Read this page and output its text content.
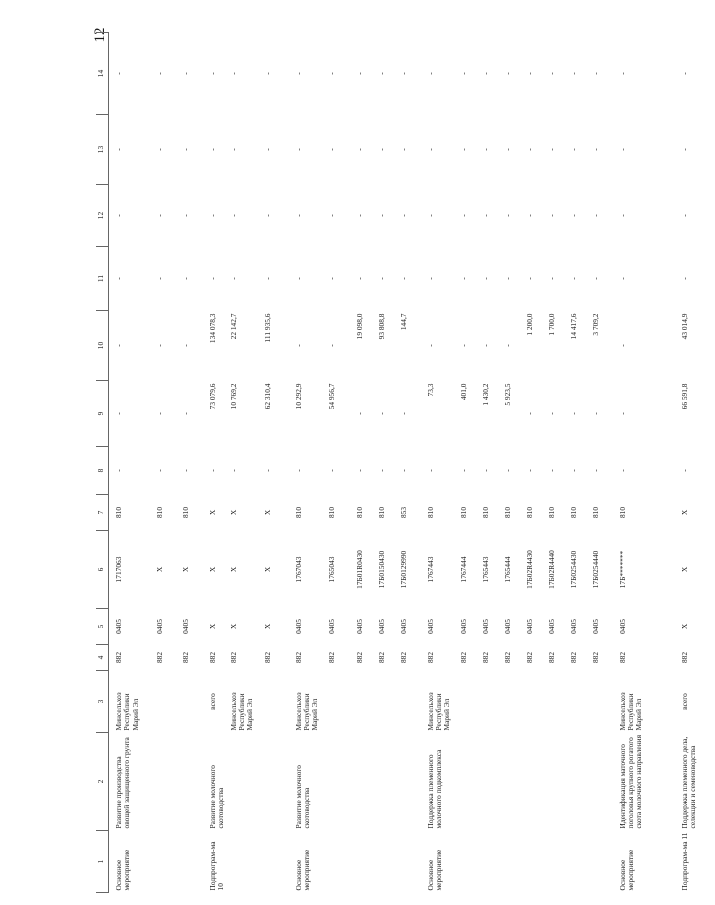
12
1	2	3	4	5	6	7	8	9	10	11	12	13	14
Основное мероприятие	Развитие производства овощей защищенного грунта	Минсельхоз Республики Марий Эл	882	0405	1717063	810	-	-	-	-	-	-	-
			882	0405	X	810	-	-	-	-	-	-	-
			882	0405	X	810	-	-	-	-	-	-	-
Подпрограм-ма 10	Развитие молочного скотоводства	всего	882	X	X	X	-	73 079,6	134 078,3	-	-	-	-
		Минсельхоз Республики Марий Эл	882	X	X	X	-	10 769,2	22 142,7	-	-	-	-
			882	X	X	X	-	62 310,4	111 935,6	-	-	-	-
Основное мероприятие	Развитие молочного скотоводства	Минсельхоз Республики Марий Эл	882	0405	1767043	810	-	10 292,9	-	-	-	-	-
			882	0405	1765043	810	-	54 956,7	-	-	-	-	-
			882	0405	17Б01R0430	810	-	-	19 098,0	-	-	-	-
			882	0405	17Б0150430	810	-	-	93 808,8	-	-	-	-
			882	0405	17Б0129990	853	-	-	144,7	-	-	-	-
Основное мероприятие	Поддержка племенного молочного подкомплекса	Минсельхоз Республики Марий Эл	882	0405	1767443	810	-	73,3	-	-	-	-	-
			882	0405	1767444	810	-	401,0	-	-	-	-	-
			882	0405	1765443	810	-	1 430,2	-	-	-	-	-
			882	0405	1765444	810	-	5 923,5	-	-	-	-	-
			882	0405	17Б02R4430	810	-	-	1 200,0	-	-	-	-
			882	0405	17Б02R4440	810	-	-	1 700,0	-	-	-	-
			882	0405	17Б0254430	810	-	-	14 417,6	-	-	-	-
			882	0405	17Б0254440	810	-	-	3 709,2	-	-	-	-
Основное мероприятие	Идентификация маточного поголовья крупного рогатого скота молочного направления	Минсельхоз Республики Марий Эл	882	0405	17Б*******	810	-	-	-	-	-	-	-
Подпрограм-ма 11	Поддержка племенного дела, селекции и семеноводства	всего	882	X	X	X	-	66 591,8	43 014,9	-	-	-	-
